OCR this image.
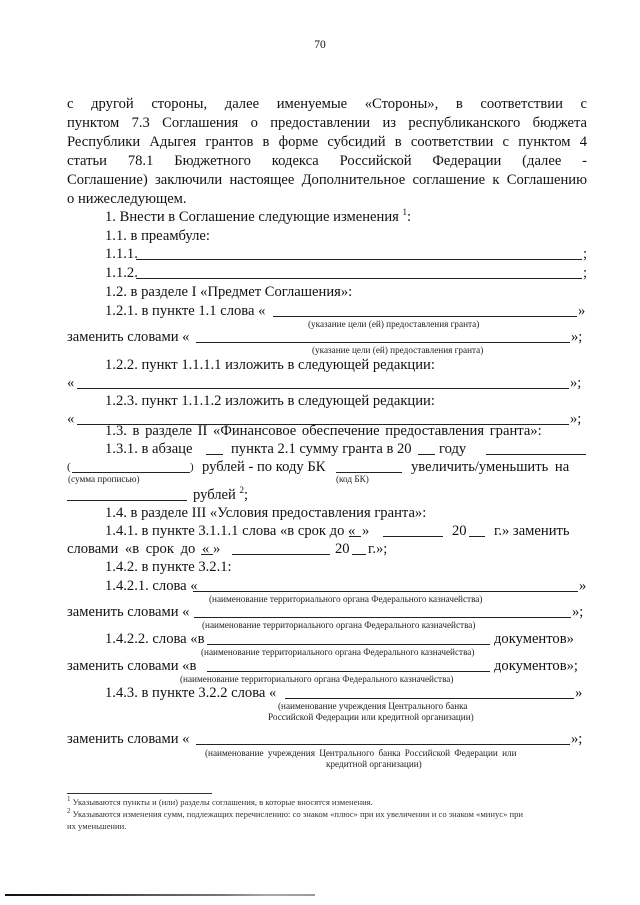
70
с другой стороны, далее именуемые «Стороны», в соответствии с
пунктом 7.3 Соглашения о предоставлении из республиканского бюджета
Республики Адыгея грантов в форме субсидий в соответствии с пунктом 4
статьи 78.1 Бюджетного кодекса Российской Федерации (далее -
Соглашение) заключили настоящее Дополнительное соглашение к Соглашению
о нижеследующем.
1. Внести в Соглашение следующие изменения $^1$:
1.1. в преамбуле:
1.1.1.	;
1.1.2.	;
1.2. в разделе I «Предмет Соглашения»:
1.2.1. в пункте 1.1 слова «	»
(указание цели (ей) предоставления гранта)
заменить словами «	»;
(указание цели (ей) предоставления гранта)
1.2.2. пункт 1.1.1.1 изложить в следующей редакции:
«	»;
1.2.3. пункт 1.1.1.2 изложить в следующей редакции:
«	»;
1.3. в разделе II «Финансовое обеспечение предоставления гранта»:
1.3.1. в абзаце	пункта 2.1 сумму гранта в 20 году
(	) рублей - по коду БК	увеличить/уменьшить на
(сумма прописью)	(код БК)
рублей $^2$;
1.4. в разделе III «Условия предоставления гранта»:
1.4.1. в пункте 3.1.1.1 слова «в срок до « »	20 г.» заменить
словами «в срок до « »	20 г.»;
1.4.2. в пункте 3.2.1:
1.4.2.1. слова «	»
(наименование территориального органа Федерального казначейства)
заменить словами «	»;
(наименование территориального органа Федерального казначейства)
1.4.2.2. слова «в	документов»
(наименование территориального органа Федерального казначейства)
заменить словами «в	документов»;
(наименование территориального органа Федерального казначейства)
1.4.3. в пункте 3.2.2 слова «	»
(наименование учреждения Центрального банка
Российской Федерации или кредитной организации)
заменить словами «	»;
(наименование учреждения Центрального банка Российской Федерации или
кредитной организации)
$^1$ Указываются пункты и (или) разделы соглашения, в которые вносятся изменения.
$^2$ Указываются изменения сумм, подлежащих перечислению: со знаком «плюс» при их увеличении и со знаком «минус» при
их уменьшении.
